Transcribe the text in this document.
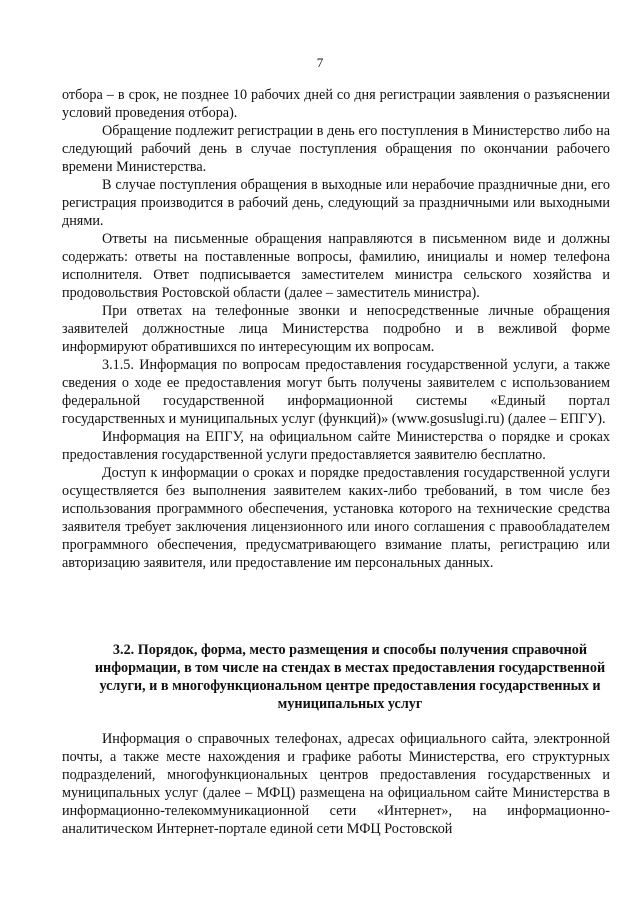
7

отбора – в срок, не позднее 10 рабочих дней со дня регистрации заявления о разъяснении условий проведения отбора).

Обращение подлежит регистрации в день его поступления в Министерство либо на следующий рабочий день в случае поступления обращения по окончании рабочего времени Министерства.

В случае поступления обращения в выходные или нерабочие праздничные дни, его регистрация производится в рабочий день, следующий за праздничными или выходными днями.

Ответы на письменные обращения направляются в письменном виде и должны содержать: ответы на поставленные вопросы, фамилию, инициалы и номер телефона исполнителя. Ответ подписывается заместителем министра сельского хозяйства и продовольствия Ростовской области (далее – заместитель министра).

При ответах на телефонные звонки и непосредственные личные обращения заявителей должностные лица Министерства подробно и в вежливой форме информируют обратившихся по интересующим их вопросам.

3.1.5. Информация по вопросам предоставления государственной услуги, а также сведения о ходе ее предоставления могут быть получены заявителем с использованием федеральной государственной информационной системы «Единый портал государственных и муниципальных услуг (функций)» (www.gosuslugi.ru) (далее – ЕПГУ).

Информация на ЕПГУ, на официальном сайте Министерства о порядке и сроках предоставления государственной услуги предоставляется заявителю бесплатно.

Доступ к информации о сроках и порядке предоставления государственной услуги осуществляется без выполнения заявителем каких-либо требований, в том числе без использования программного обеспечения, установка которого на технические средства заявителя требует заключения лицензионного или иного соглашения с правообладателем программного обеспечения, предусматривающего взимание платы, регистрацию или авторизацию заявителя, или предоставление им персональных данных.

3.2. Порядок, форма, место размещения и способы получения справочной информации, в том числе на стендах в местах предоставления государственной услуги, и в многофункциональном центре предоставления государственных и муниципальных услуг

Информация о справочных телефонах, адресах официального сайта, электронной почты, а также месте нахождения и графике работы Министерства, его структурных подразделений, многофункциональных центров предоставления государственных и муниципальных услуг (далее – МФЦ) размещена на официальном сайте Министерства в информационно-телекоммуникационной сети «Интернет», на информационно-аналитическом Интернет-портале единой сети МФЦ Ростовской
